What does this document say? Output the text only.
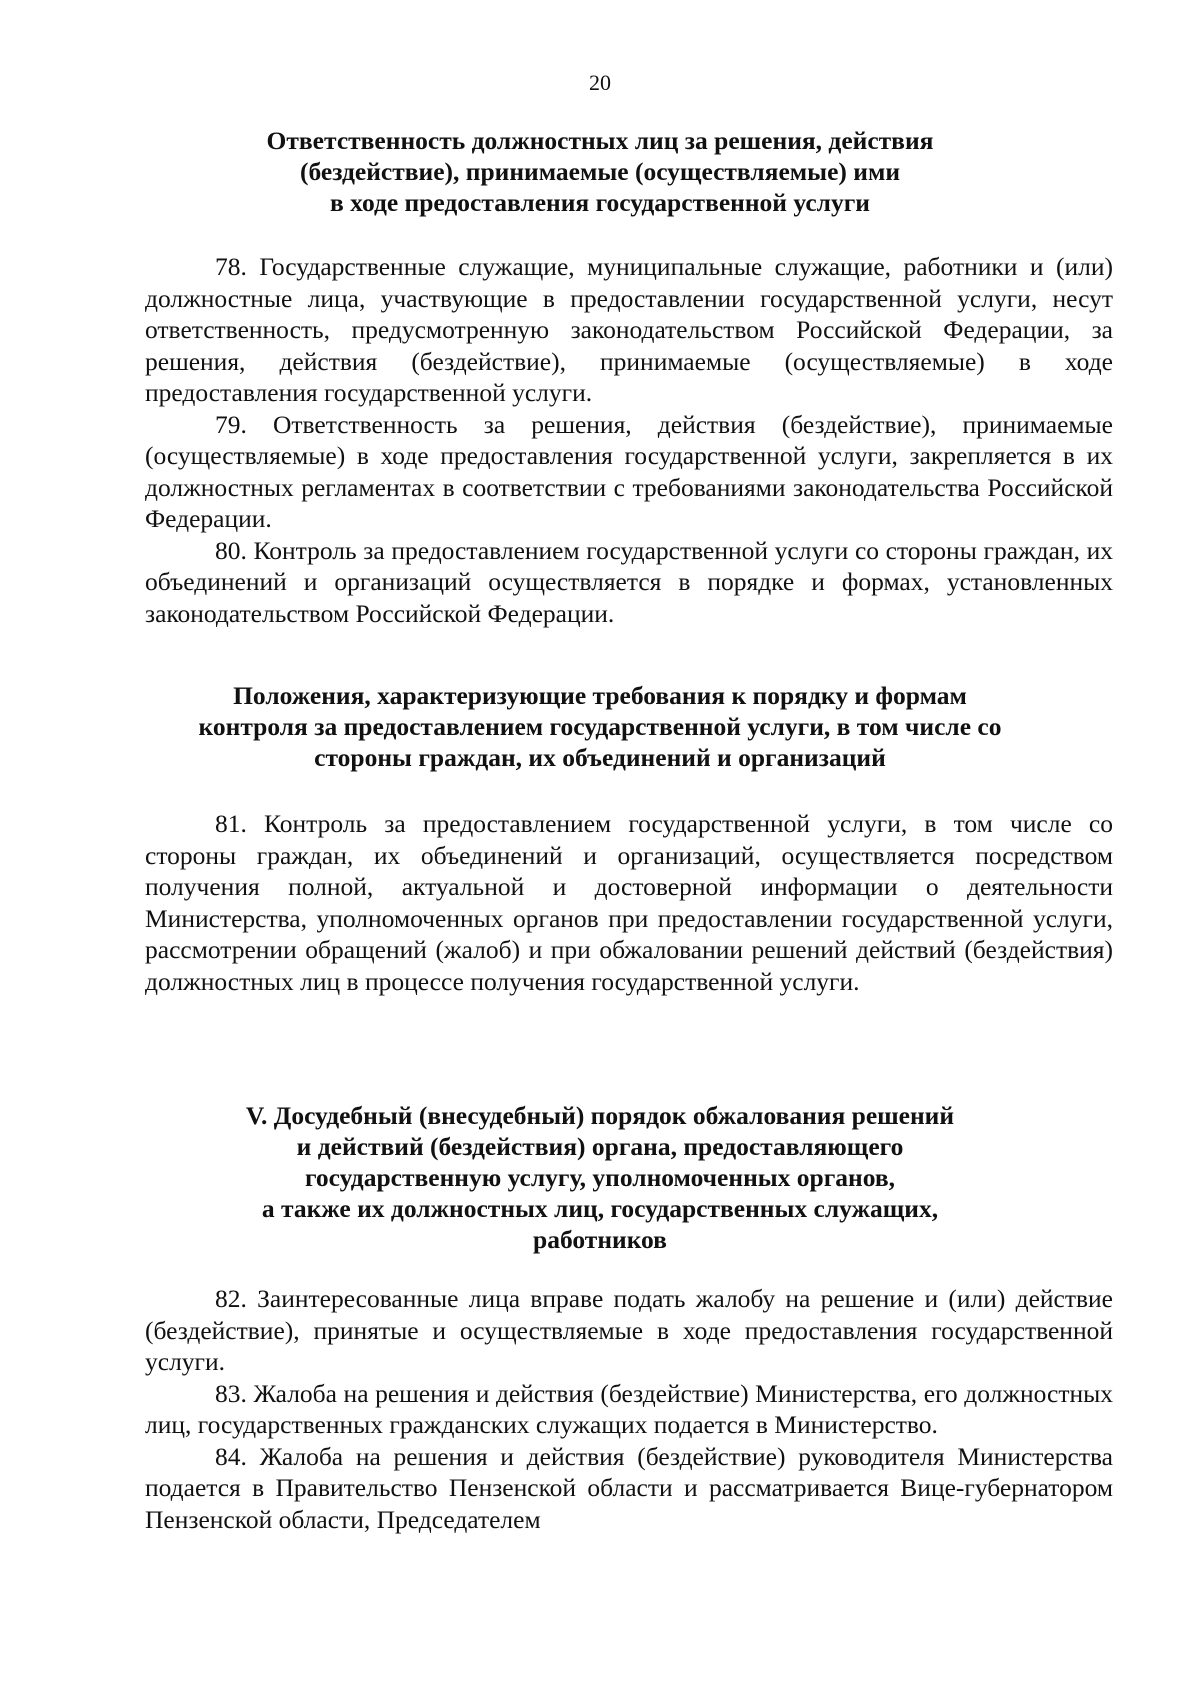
20
Ответственность должностных лиц за решения, действия
(бездействие), принимаемые (осуществляемые) ими
в ходе предоставления государственной услуги

78. Государственные служащие, муниципальные служащие, работники и (или) должностные лица, участвующие в предоставлении государственной услуги, несут ответственность, предусмотренную законодательством Российской Федерации, за решения, действия (бездействие), принимаемые (осуществляемые) в ходе предоставления государственной услуги.

79. Ответственность за решения, действия (бездействие), принимаемые (осуществляемые) в ходе предоставления государственной услуги, закрепляется в их должностных регламентах в соответствии с требованиями законодательства Российской Федерации.

80. Контроль за предоставлением государственной услуги со стороны граждан, их объединений и организаций осуществляется в порядке и формах, установленных законодательством Российской Федерации.

Положения, характеризующие требования к порядку и формам
контроля за предоставлением государственной услуги, в том числе со
стороны граждан, их объединений и организаций

81. Контроль за предоставлением государственной услуги, в том числе со стороны граждан, их объединений и организаций, осуществляется посредством получения полной, актуальной и достоверной информации о деятельности Министерства, уполномоченных органов при предоставлении государственной услуги, рассмотрении обращений (жалоб) и при обжаловании решений действий (бездействия) должностных лиц в процессе получения государственной услуги.

V. Досудебный (внесудебный) порядок обжалования решений
и действий (бездействия) органа, предоставляющего
государственную услугу, уполномоченных органов,
а также их должностных лиц, государственных служащих,
работников

82. Заинтересованные лица вправе подать жалобу на решение и (или) действие (бездействие), принятые и осуществляемые в ходе предоставления государственной услуги.

83. Жалоба на решения и действия (бездействие) Министерства, его должностных лиц, государственных гражданских служащих подается в Министерство.

84. Жалоба на решения и действия (бездействие) руководителя Министерства подается в Правительство Пензенской области и рассматривается Вице-губернатором Пензенской области, Председателем
